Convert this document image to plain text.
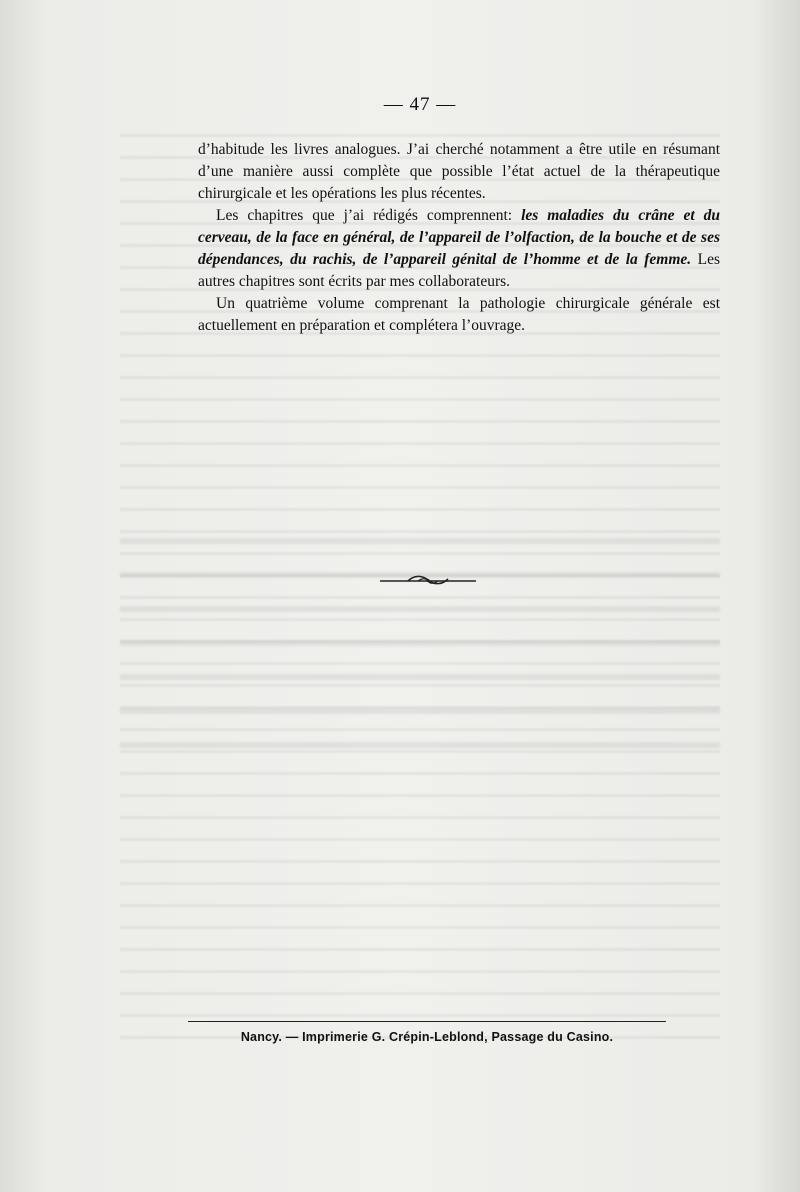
— 47 —

d’habitude les livres analogues. J’ai cherché notamment a être utile en résumant d’une manière aussi complète que possible l’état actuel de la thérapeutique chirurgicale et les opérations les plus récentes.

Les chapitres que j’ai rédigés comprennent: les maladies du crâne et du cerveau, de la face en général, de l’appareil de l’olfaction, de la bouche et de ses dépendances, du rachis, de l’appareil génital de l’homme et de la femme. Les autres chapitres sont écrits par mes collaborateurs.

Un quatrième volume comprenant la pathologie chirurgicale générale est actuellement en préparation et complétera l’ouvrage.

Nancy. — Imprimerie G. Crépin-Leblond, Passage du Casino.
